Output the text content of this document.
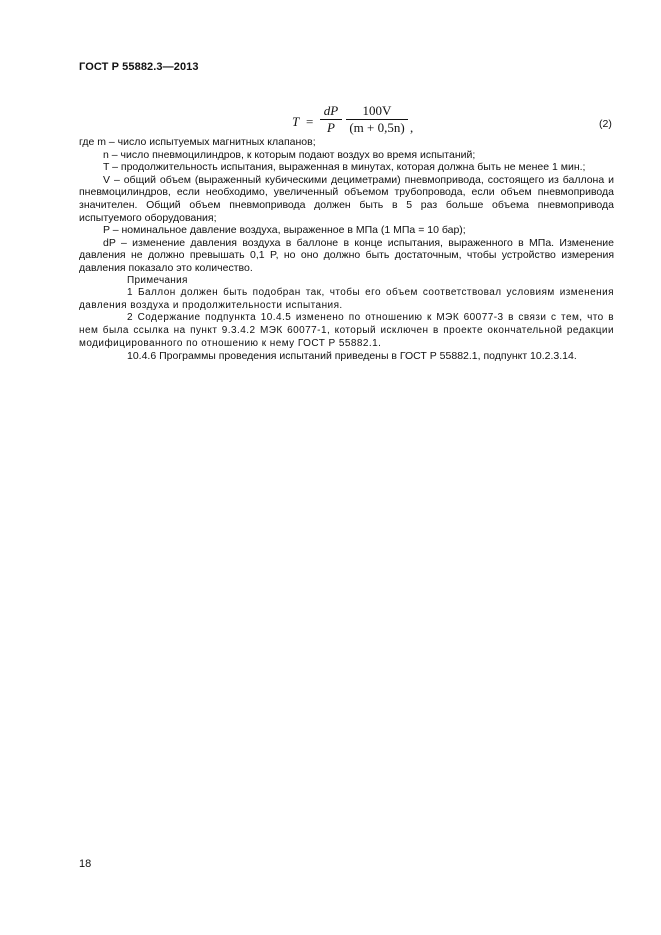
ГОСТ Р 55882.3—2013
T =
dP
P
100V
(m + 0,5n) ,	(2)

где m – число испытуемых магнитных клапанов;

n – число пневмоцилиндров, к которым подают воздух во время испытаний;

T – продолжительность испытания, выраженная в минутах, которая должна быть не менее 1 мин.;

V – общий объем (выраженный кубическими дециметрами) пневмопривода, состоящего из баллона и пневмоцилиндров, если необходимо, увеличенный объемом трубопровода, если объем пневмопривода значителен. Общий объем пневмопривода должен быть в 5 раз больше объема пневмопривода испытуемого оборудования;

P – номинальное давление воздуха, выраженное в МПа (1 МПа = 10 бар);

dP – изменение давления воздуха в баллоне в конце испытания, выраженного в МПа. Изменение давления не должно превышать 0,1 P, но оно должно быть достаточным, чтобы устройство измерения давления показало это количество.

Примечания

1 Баллон должен быть подобран так, чтобы его объем соответствовал условиям изменения давления воздуха и продолжительности испытания.

2 Содержание подпункта 10.4.5 изменено по отношению к МЭК 60077-3 в связи с тем, что в нем была ссылка на пункт 9.3.4.2 МЭК 60077-1, который исключен в проекте окончательной редакции модифицированного по отношению к нему ГОСТ Р 55882.1.

10.4.6 Программы проведения испытаний приведены в ГОСТ Р 55882.1, подпункт 10.2.3.14.

18
